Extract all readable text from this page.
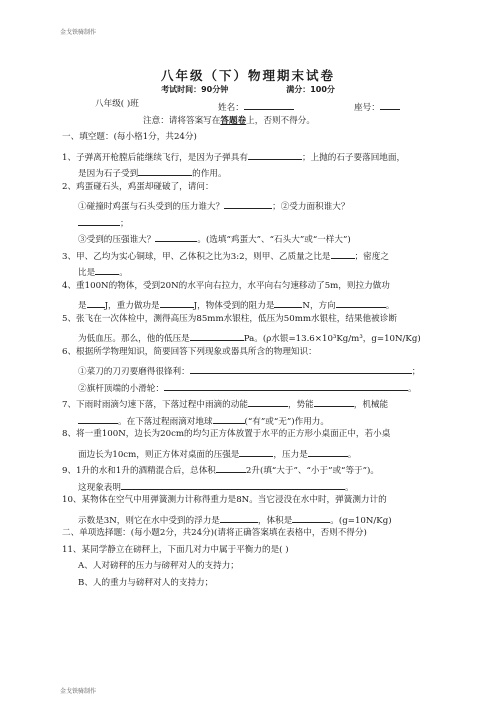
金戈铁骑制作
八年级（下）物理期末试卷
考试时间：90分钟	满分：100分
八年级( )班	姓名：	座号：
注意：请将答案写在答题卷上，否则不得分。
一、填空题：(每小格1分，共24分)
1、子弹离开枪膛后能继续飞行，是因为子弹具有	；上抛的石子要落回地面，
是因为石子受到	的作用。
2、鸡蛋碰石头，鸡蛋却碰破了，请问：
①碰撞时鸡蛋与石头受到的压力谁大？	；②受力面积谁大？
；
③受到的压强谁大？	。(选填“鸡蛋大”、“石头大”或“一样大”)
3、甲、乙均为实心铜球，甲、乙体积之比为3:2，则甲、乙质量之比是	；密度之
比是	。
4、重100N的物体，受到20N的水平向右拉力，水平向右匀速移动了5m，则拉力做功
是 J，重力做功是	J，物体受到的阻力是	N，方向	。
5、张飞在一次体检中，测得高压为85mm水银柱，低压为50mm水银柱，结果他被诊断
为低血压。那么，他的低压是	Pa。(ρ水银=13.6×10³Kg/m³，g=10N/Kg)
6、根据所学物理知识，简要回答下列现象或器具所含的物理知识：
①菜刀的刀刃要磨得很锋利：	；
②旗杆顶端的小滑轮：	。
7、下雨时雨滴匀速下落，下落过程中雨滴的动能	，势能	，机械能
。在下落过程雨滴对地球	(“有”或“无”)作用力。
8、将一重100N，边长为20cm的均匀正方体放置于水平的正方形小桌面正中，若小桌
面边长为10cm，则正方体对桌面的压强是	，压力是	。
9、1升的水和1升的酒精混合后，总体积	2升(填“大于”、“小于”或“等于”)。
这现象表明	。
10、某物体在空气中用弹簧测力计称得重力是8N。当它浸没在水中时，弹簧测力计的
示数是3N，则它在水中受到的浮力是	，体积是	。(g=10N/Kg)
二、单项选择题：(每小题2分，共24分)(请将正确答案填在表格中，否则不得分)
11、某同学静立在磅秤上，下面几对力中属于平衡力的是( )
A、人对磅秤的压力与磅秤对人的支持力；
B、人的重力与磅秤对人的支持力；
金戈铁骑制作
